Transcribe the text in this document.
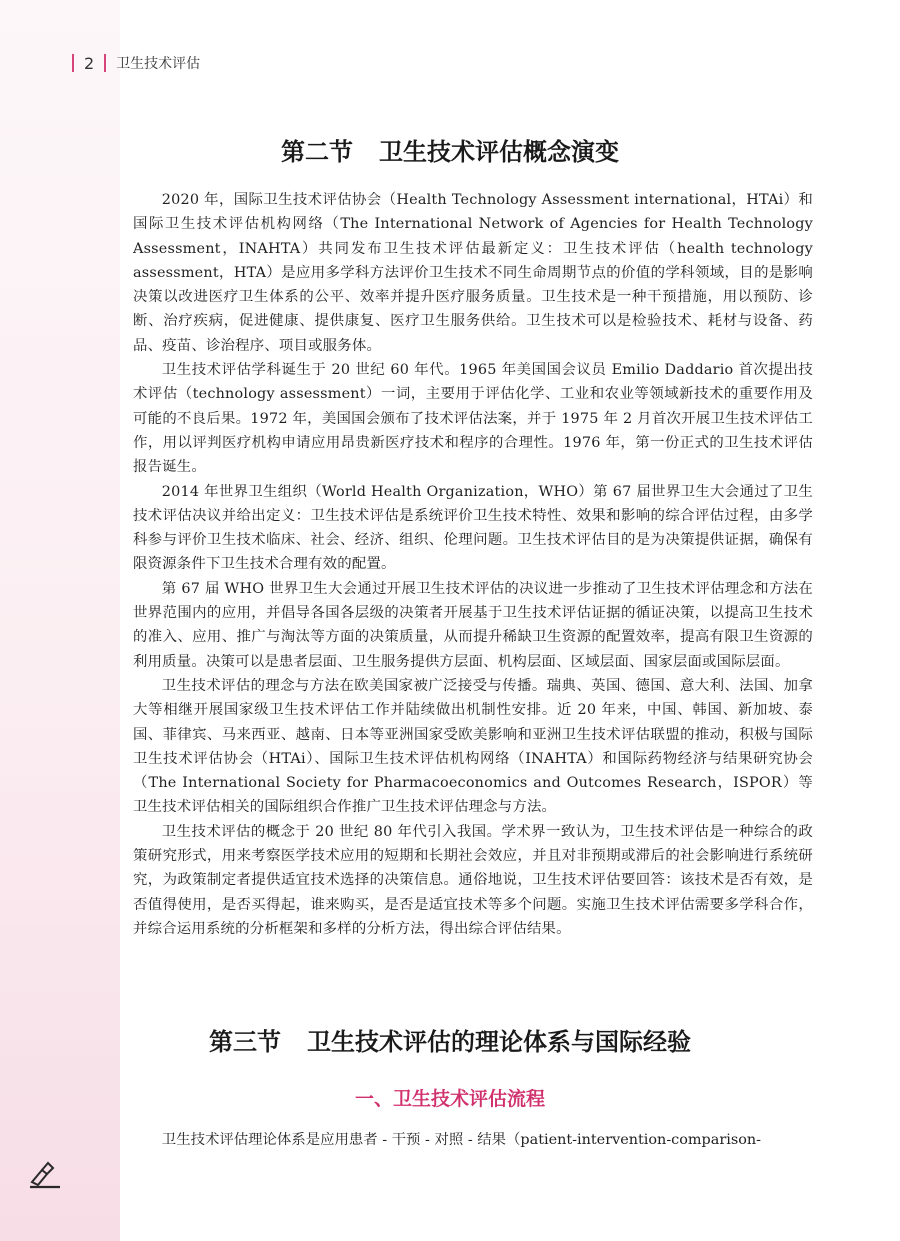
2 卫生技术评估
第二节 卫生技术评估概念演变

2020 年，国际卫生技术评估协会（Health Technology Assessment international，HTAi）和国际卫生技术评估机构网络（The International Network of Agencies for Health Technology Assessment，INAHTA）共同发布卫生技术评估最新定义：卫生技术评估（health technology assessment，HTA）是应用多学科方法评价卫生技术不同生命周期节点的价值的学科领域，目的是影响决策以改进医疗卫生体系的公平、效率并提升医疗服务质量。卫生技术是一种干预措施，用以预防、诊断、治疗疾病，促进健康、提供康复、医疗卫生服务供给。卫生技术可以是检验技术、耗材与设备、药品、疫苗、诊治程序、项目或服务体。

卫生技术评估学科诞生于 20 世纪 60 年代。1965 年美国国会议员 Emilio Daddario 首次提出技术评估（technology assessment）一词，主要用于评估化学、工业和农业等领域新技术的重要作用及可能的不良后果。1972 年，美国国会颁布了技术评估法案，并于 1975 年 2 月首次开展卫生技术评估工作，用以评判医疗机构申请应用昂贵新医疗技术和程序的合理性。1976 年，第一份正式的卫生技术评估报告诞生。

2014 年世界卫生组织（World Health Organization，WHO）第 67 届世界卫生大会通过了卫生技术评估决议并给出定义：卫生技术评估是系统评价卫生技术特性、效果和影响的综合评估过程，由多学科参与评价卫生技术临床、社会、经济、组织、伦理问题。卫生技术评估目的是为决策提供证据，确保有限资源条件下卫生技术合理有效的配置。

第 67 届 WHO 世界卫生大会通过开展卫生技术评估的决议进一步推动了卫生技术评估理念和方法在世界范围内的应用，并倡导各国各层级的决策者开展基于卫生技术评估证据的循证决策，以提高卫生技术的准入、应用、推广与淘汰等方面的决策质量，从而提升稀缺卫生资源的配置效率，提高有限卫生资源的利用质量。决策可以是患者层面、卫生服务提供方层面、机构层面、区域层面、国家层面或国际层面。

卫生技术评估的理念与方法在欧美国家被广泛接受与传播。瑞典、英国、德国、意大利、法国、加拿大等相继开展国家级卫生技术评估工作并陆续做出机制性安排。近 20 年来，中国、韩国、新加坡、泰国、菲律宾、马来西亚、越南、日本等亚洲国家受欧美影响和亚洲卫生技术评估联盟的推动，积极与国际卫生技术评估协会（HTAi）、国际卫生技术评估机构网络（INAHTA）和国际药物经济与结果研究协会（The International Society for Pharmacoeconomics and Outcomes Research，ISPOR）等卫生技术评估相关的国际组织合作推广卫生技术评估理念与方法。

卫生技术评估的概念于 20 世纪 80 年代引入我国。学术界一致认为，卫生技术评估是一种综合的政策研究形式，用来考察医学技术应用的短期和长期社会效应，并且对非预期或滞后的社会影响进行系统研究，为政策制定者提供适宜技术选择的决策信息。通俗地说，卫生技术评估要回答：该技术是否有效，是否值得使用，是否买得起，谁来购买，是否是适宜技术等多个问题。实施卫生技术评估需要多学科合作，并综合运用系统的分析框架和多样的分析方法，得出综合评估结果。

第三节 卫生技术评估的理论体系与国际经验
一、卫生技术评估流程
卫生技术评估理论体系是应用患者 - 干预 - 对照 - 结果（patient-intervention-comparison-
